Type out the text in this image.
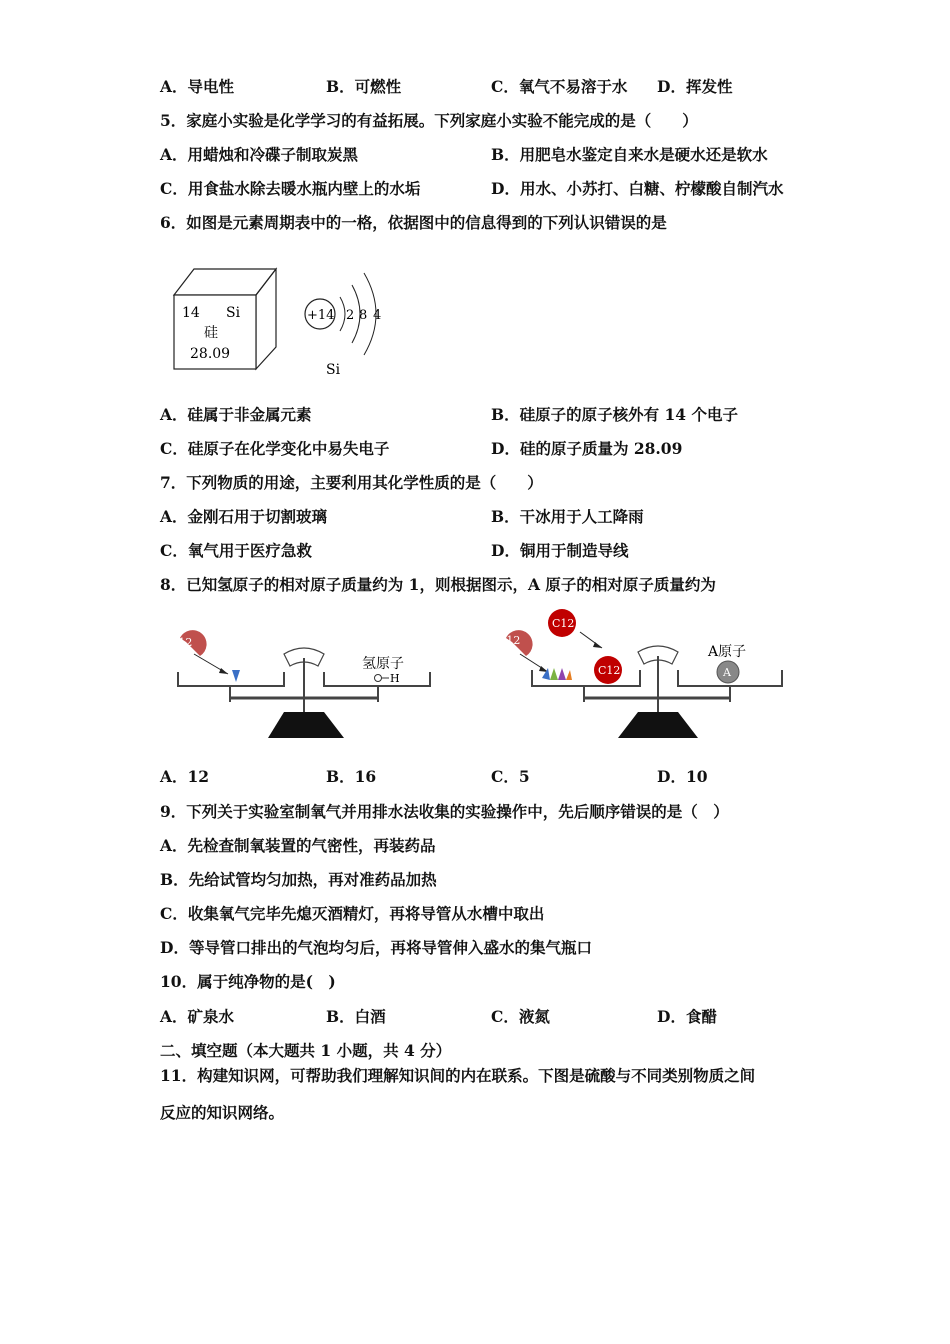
A．导电性	B．可燃性	C．氧气不易溶于水 D．挥发性
5．家庭小实验是化学学习的有益拓展。下列家庭小实验不能完成的是（　　）
A．用蜡烛和冷碟子制取炭黑	B．用肥皂水鉴定自来水是硬水还是软水
C．用食盐水除去暖水瓶内壁上的水垢	D．用水、小苏打、白糖、柠檬酸自制汽水
6．如图是元素周期表中的一格，依据图中的信息得到的下列认识错误的是
14 Si
硅
28.09
+14 2 8 4
Si
A．硅属于非金属元素	B．硅原子的原子核外有 14 个电子
C．硅原子在化学变化中易失电子	D．硅的原子质量为 28.09
7．下列物质的用途，主要利用其化学性质的是（　　）
A．金刚石用于切割玻璃	B．干冰用于人工降雨
C．氧气用于医疗急救	D．铜用于制造导线
8．已知氢原子的相对原子质量约为 1，则根据图示，A 原子的相对原子质量约为
C12
氢原子
H
C12
C12
C12
A原子
A
A．12	B．16	C．5	D．10
9．下列关于实验室制氧气并用排水法收集的实验操作中，先后顺序错误的是（　）
A．先检查制氧装置的气密性，再装药品
B．先给试管均匀加热，再对准药品加热
C．收集氧气完毕先熄灭酒精灯，再将导管从水槽中取出
D．等导管口排出的气泡均匀后，再将导管伸入盛水的集气瓶口
10．属于纯净物的是(　)
A．矿泉水	B．白酒	C．液氮	D．食醋
二、填空题（本大题共 1 小题，共 4 分）
11．构建知识网，可帮助我们理解知识间的内在联系。下图是硫酸与不同类别物质之间
反应的知识网络。
